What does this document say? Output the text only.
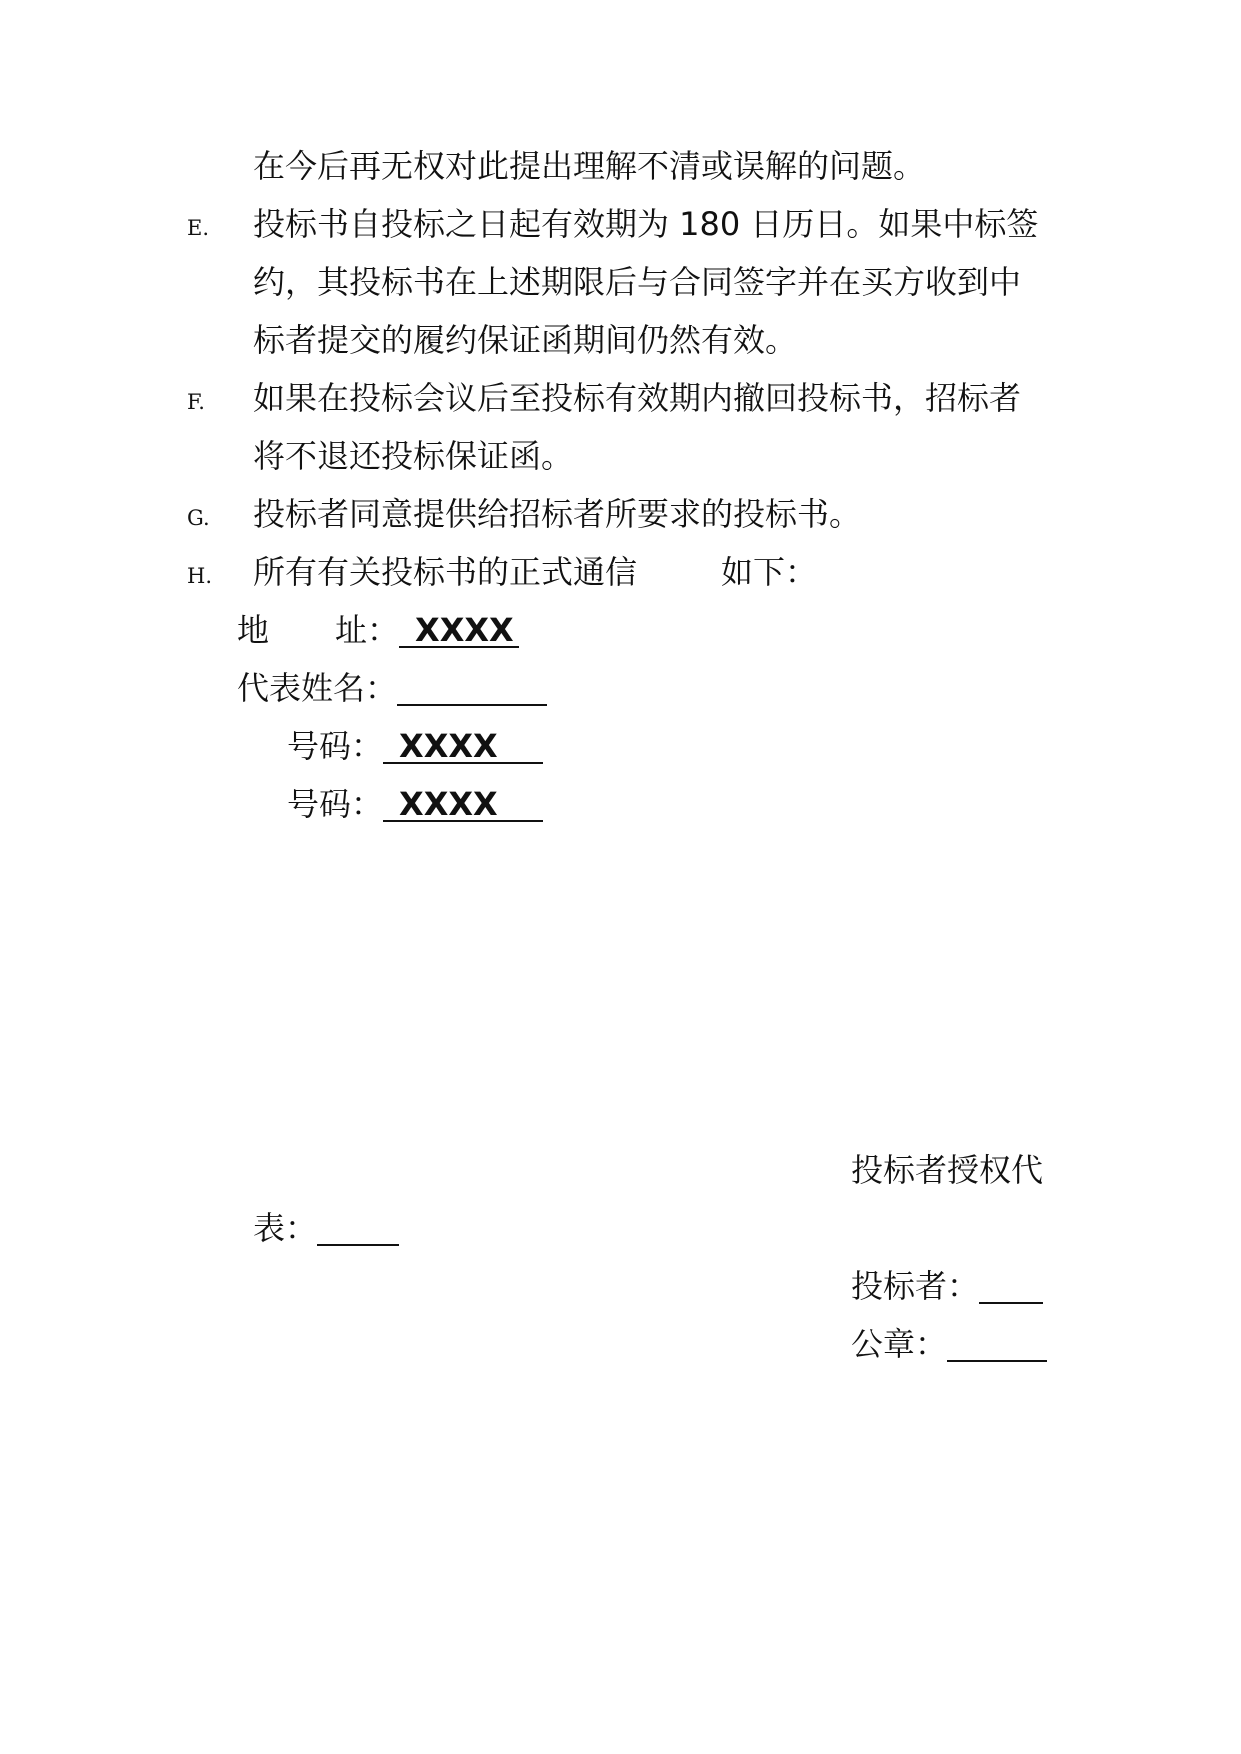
在今后再无权对此提出理解不清或误解的问题。
E. 投标书自投标之日起有效期为 180 日历日。如果中标签
约，其投标书在上述期限后与合同签字并在买方收到中
标者提交的履约保证函期间仍然有效。
F. 如果在投标会议后至投标有效期内撤回投标书，招标者
将不退还投标保证函。
G. 投标者同意提供给招标者所要求的投标书。
H. 所有有关投标书的正式通信	如下：
地 址： XXXX
代表姓名：
号码： XXXX
号码： XXXX
投标者授权代
表：
投标者：
公章：
